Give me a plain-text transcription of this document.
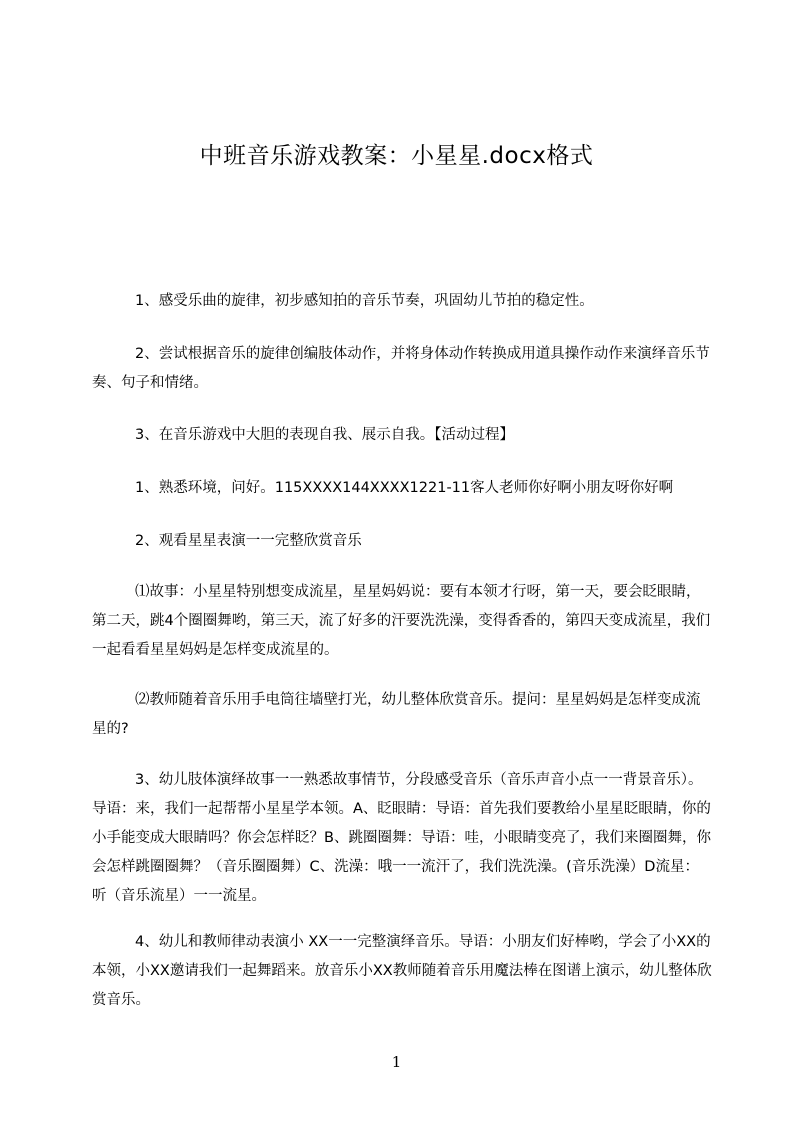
中班音乐游戏教案：小星星.docx格式
1、感受乐曲的旋律，初步感知拍的音乐节奏，巩固幼儿节拍的稳定性。
2、尝试根据音乐的旋律创编肢体动作，并将身体动作转换成用道具操作动作来演绎音乐节奏、句子和情绪。
3、在音乐游戏中大胆的表现自我、展示自我。【活动过程】
1、熟悉环境，问好。115XXXX144XXXX1221-11客人老师你好啊小朋友呀你好啊
2、观看星星表演一一完整欣赏音乐
⑴故事：小星星特别想变成流星，星星妈妈说：要有本领才行呀，第一天，要会眨眼睛，第二天，跳4个圈圈舞哟，第三天，流了好多的汗要洗洗澡，变得香香的，第四天变成流星，我们一起看看星星妈妈是怎样变成流星的。
⑵教师随着音乐用手电筒往墙壁打光，幼儿整体欣赏音乐。提问：星星妈妈是怎样变成流星的?
3、幼儿肢体演绎故事一一熟悉故事情节，分段感受音乐（音乐声音小点一一背景音乐）。导语：来，我们一起帮帮小星星学本领。A、眨眼睛：导语：首先我们要教给小星星眨眼睛，你的小手能变成大眼睛吗？你会怎样眨？B、跳圈圈舞：导语：哇，小眼睛变亮了，我们来圈圈舞，你会怎样跳圈圈舞？（音乐圈圈舞）C、洗澡：哦一一流汗了，我们洗洗澡。(音乐洗澡）D流星：听（音乐流星）一一流星。
4、幼儿和教师律动表演小 XX一一完整演绎音乐。导语：小朋友们好棒哟，学会了小XX的本领，小XX邀请我们一起舞蹈来。放音乐小XX教师随着音乐用魔法棒在图谱上演示，幼儿整体欣赏音乐。
1
